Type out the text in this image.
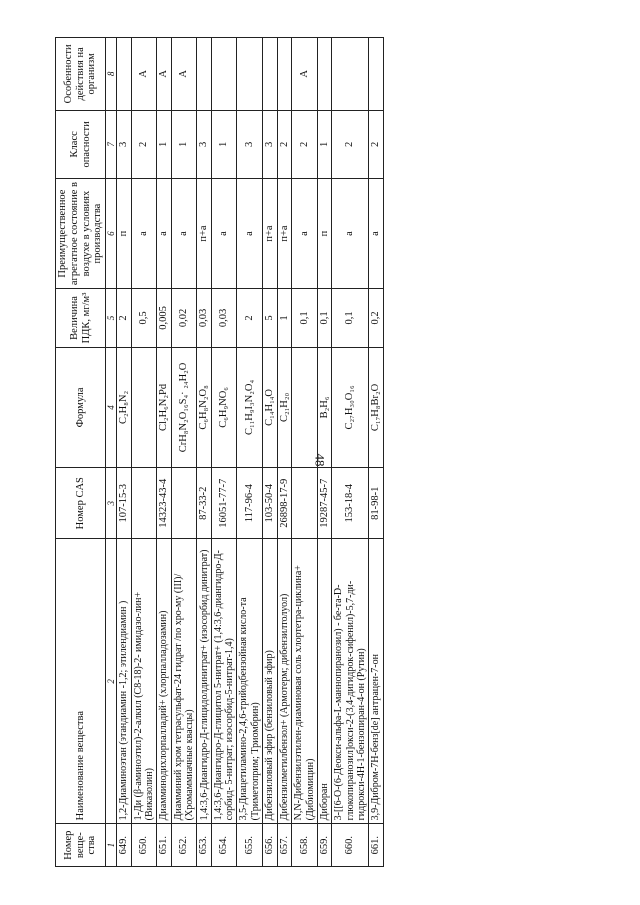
48
Номер веще-ства	Наименование вещества	Номер CAS	Формула	Величина ПДК, мг/м³	Преимущественное агрегатное состояние в воздухе в условиях производства	Класс опасности	Особенности действия на организм
1	2	3	4	5	6	7	8
649.	1,2-Диаминоэтан (этандиамин -1,2; этилендиамин )	107-15-3	C₂H₈N₂	2	п	3	
650.	1-Ди (β-аминоэтил)-2-алкил (С8-18)-2- имидазо-лин+ (Виказолин)			0,5	а	2	А
651.	Диамминодихлорпалладий+ (хлорпалладозамин)	14323-43-4	Cl₂H₆N₂Pd	0,005	а	1	А
652.	Диамминий хром тетрасульфат-24 гидрат /по хро-му (III)/ (Хромаммиачные квасцы)		CrH₈N₂O₁₆S₄· ₂₄H₂O	0,02	а	1	А
653.	1,4:3,6-Диангидро-Д-глицидолдинитрат+ (изосорбид динитрат)	87-33-2	C₆H₈N₂O₈	0,03	п+а	3	
654.	1,4:3,6-Диангидро-Д-глицитол 5-нитрат+ (1,4:3,6-диангидро-Д-сорбид- 5-нитрат; изосорбид-5-нитрат-1,4)	16051-77-7	C₆H₉NO₆	0,03	а	1	
655.	3,5-Диацетиламино-2,4,6-трийодбензойная кисло-та (Триметоприм; Триомбрин)	117-96-4	C₁₁H₉I₃N₂O₄	2	а	3	
656.	Дибензиловый эфир (бензиловый эфир)	103-50-4	C₁₄H₁₄O	5	п+а	3	
657.	Дибензилметилбензол+ (Армотерм; дибензилтолуол)	26898-17-9	C₂₁H₂₀	1	п+а	2	
658.	N,N-Дибензилэтилен-диаминовая соль хлортетра-циклина+ (Дибиомицин)			0,1	а	2	А
659.	Диборан	19287-45-7	B₂H₆	0,1	п	1	
660.	3-[[6-O-(6-Деокси-альфа-L-маннопиранозил) - бе-та-D-глюкопиранозил]окси-2-(3,4-дигидрок-сифенил)-5,7-ди-гидрокси-4Н-1-бензопиран-4-он (Рутин)	153-18-4	C₂₇H₃₀O₁₆	0,1	а	2	
661.	3,9-Дибром-7Н-бенз[de] антрацен-7-он	81-98-1	C₁₇H₈Br₂O	0,2	а	2	
